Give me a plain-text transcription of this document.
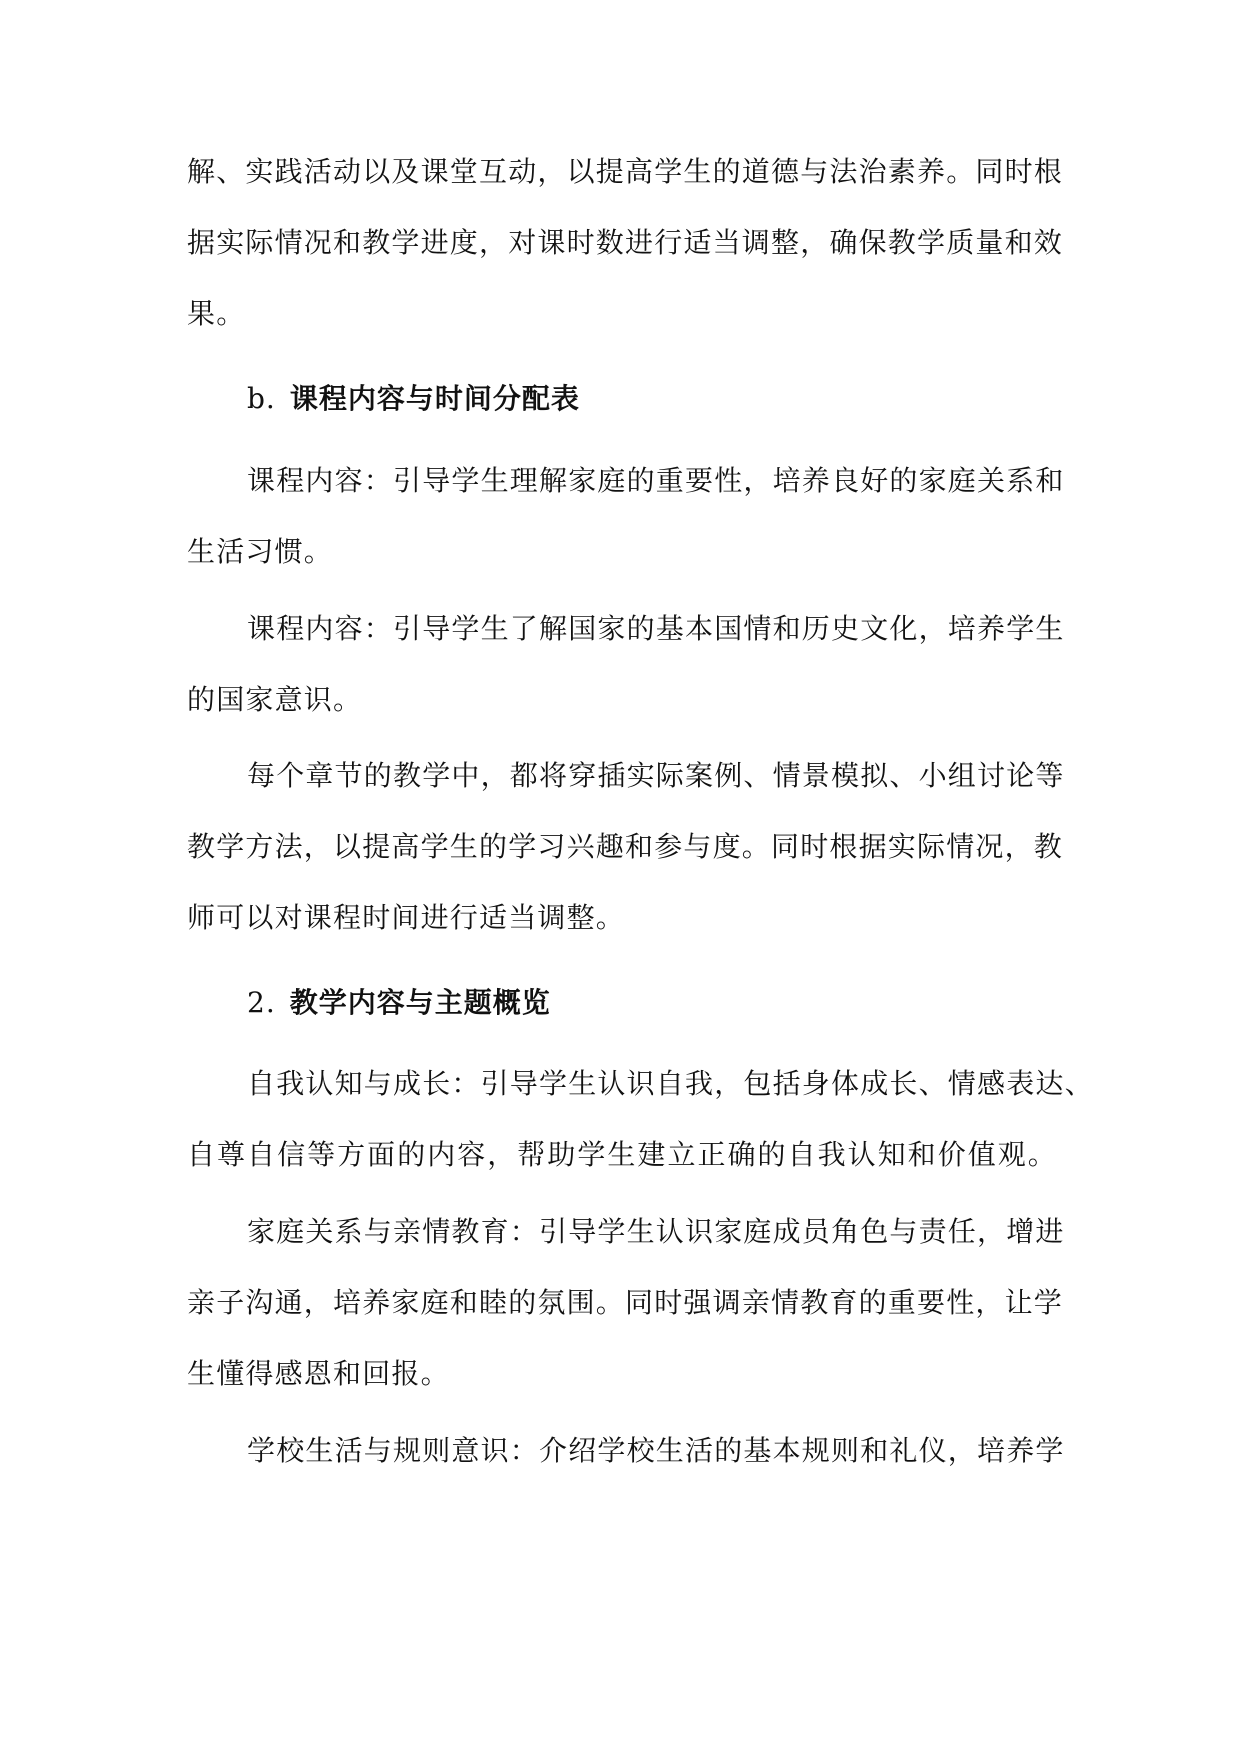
解、实践活动以及课堂互动，以提高学生的道德与法治素养。同时根
据实际情况和教学进度，对课时数进行适当调整，确保教学质量和效
果。
b. 课程内容与时间分配表
课程内容：引导学生理解家庭的重要性，培养良好的家庭关系和
生活习惯。
课程内容：引导学生了解国家的基本国情和历史文化，培养学生
的国家意识。
每个章节的教学中，都将穿插实际案例、情景模拟、小组讨论等
教学方法，以提高学生的学习兴趣和参与度。同时根据实际情况，教
师可以对课程时间进行适当调整。
2. 教学内容与主题概览
自我认知与成长：引导学生认识自我，包括身体成长、情感表达、
自尊自信等方面的内容，帮助学生建立正确的自我认知和价值观。
家庭关系与亲情教育：引导学生认识家庭成员角色与责任，增进
亲子沟通，培养家庭和睦的氛围。同时强调亲情教育的重要性，让学
生懂得感恩和回报。
学校生活与规则意识：介绍学校生活的基本规则和礼仪，培养学
